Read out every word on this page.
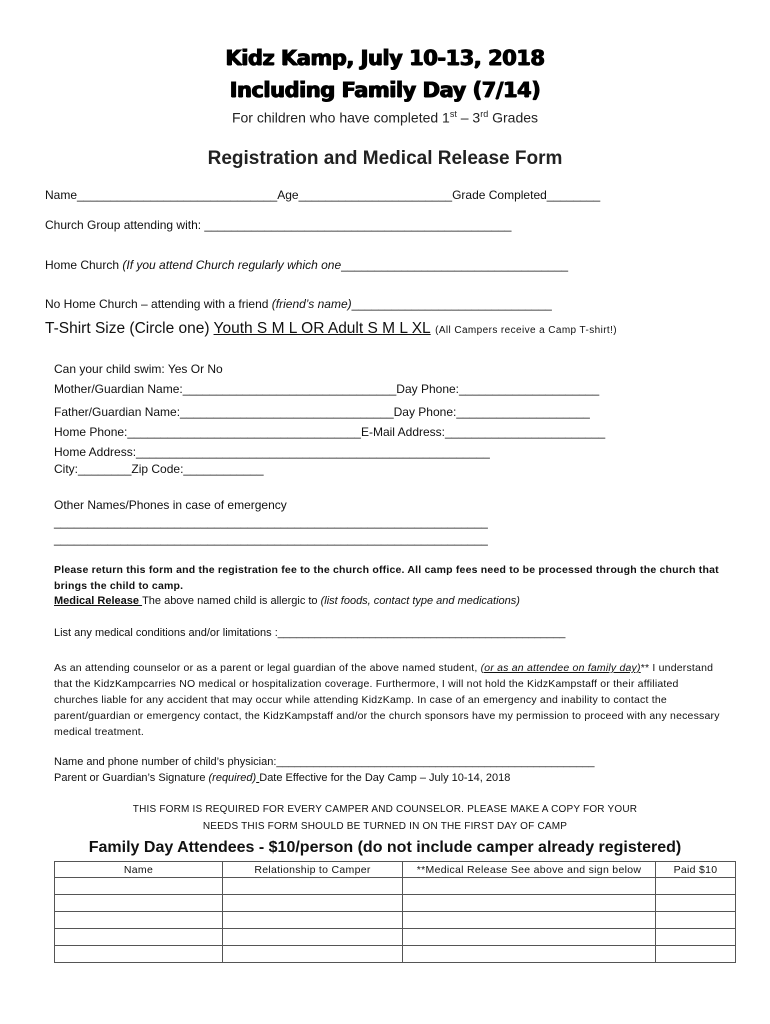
Kidz Kamp, July 10-13, 2018
Including Family Day (7/14)
For children who have completed 1st – 3rd Grades
Registration and Medical Release Form
Name______________________________Age_______________________Grade Completed________
Church Group attending with: ______________________________________________
Home Church (If you attend Church regularly which one__________________________________
No Home Church – attending with a friend (friend’s name)______________________________
T-Shirt Size (Circle one) Youth S M L OR Adult S M L XL (All Campers receive a Camp T-shirt!)
Can your child swim: Yes Or No
Mother/Guardian Name:________________________________Day Phone:_____________________
Father/Guardian Name:________________________________Day Phone:____________________
Home Phone:___________________________________E-Mail Address:________________________
Home Address:_____________________________________________________
City:________Zip Code:____________
Other Names/Phones in case of emergency
_________________________________________________________________
_________________________________________________________________
Please return this form and the registration fee to the church office. All camp fees need to be processed through the church that brings the child to camp.
Medical Release The above named child is allergic to (list foods, contact type and medications)
List any medical conditions and/or limitations :_______________________________________________
As an attending counselor or as a parent or legal guardian of the above named student, (or as an attendee on family day)** I understand that the KidzKampcarries NO medical or hospitalization coverage. Furthermore, I will not hold the KidzKampstaff or their affiliated churches liable for any accident that may occur while attending KidzKamp. In case of an emergency and inability to contact the parent/guardian or emergency contact, the KidzKampstaff and/or the church sponsors have my permission to proceed with any necessary medical treatment.
Name and phone number of child’s physician:____________________________________________________
Parent or Guardian’s Signature (required) Date Effective for the Day Camp – July 10-14, 2018
THIS FORM IS REQUIRED FOR EVERY CAMPER AND COUNSELOR. PLEASE MAKE A COPY FOR YOUR
NEEDS THIS FORM SHOULD BE TURNED IN ON THE FIRST DAY OF CAMP
Family Day Attendees - $10/person (do not include camper already registered)
Name	Relationship to Camper	**Medical Release See above and sign below	Paid $10
